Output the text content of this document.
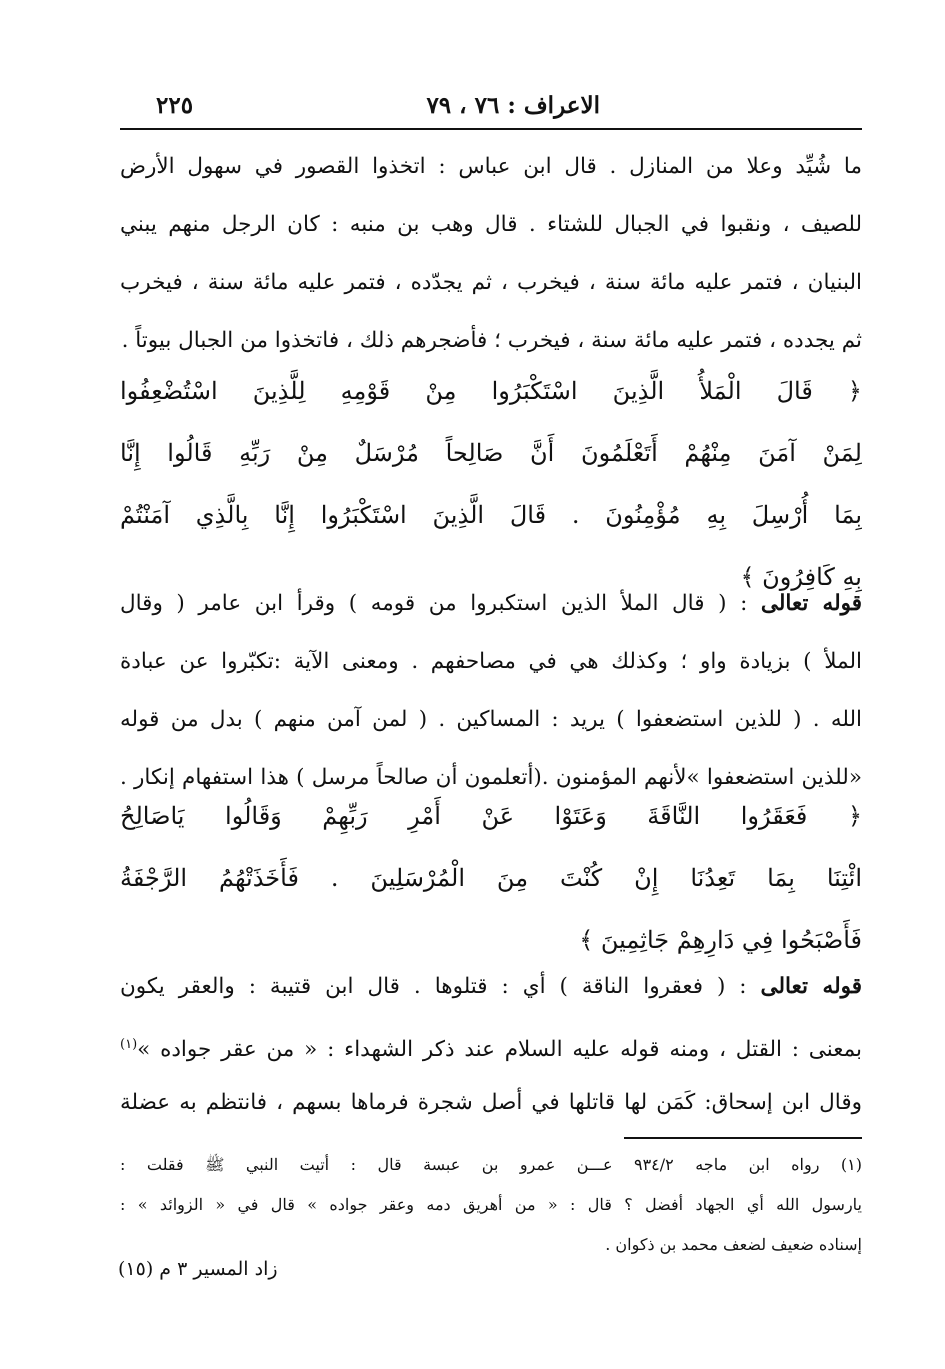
الاعراف : ٧٦ ، ٧٩
٢٢٥
ما شُيِّد وعلا من المنازل . قال ابن عباس : اتخذوا القصور في سهول الأرض
للصيف ، ونقبوا في الجبال للشتاء . قال وهب بن منبه : كان الرجل منهم يبني
البنيان ، فتمر عليه مائة سنة ، فيخرب ، ثم يجدّده ، فتمر عليه مائة سنة ، فيخرب
ثم يجدده ، فتمر عليه مائة سنة ، فيخرب ؛ فأضجرهم ذلك ، فاتخذوا من الجبال بيوتاً .
﴿ قَالَ الْمَلأُ الَّذِينَ اسْتَكْبَرُوا مِنْ قَوْمِهِ لِلَّذِينَ اسْتُضْعِفُوا
لِمَنْ آمَنَ مِنْهُمْ أَتَعْلَمُونَ أَنَّ صَالِحاً مُرْسَلٌ مِنْ رَبِّهِ قَالُوا إِنَّا
بِمَا أُرْسِلَ بِهِ مُؤْمِنُونَ . قَالَ الَّذِينَ اسْتَكْبَرُوا إِنَّا بِالَّذِي آمَنْتُمْ
بِهِ كَافِرُونَ ﴾
قوله تعالى : ( قال الملأ الذين استكبروا من قومه ) وقرأ ابن عامر ( وقال
الملأ ) بزيادة واو ؛ وكذلك هي في مصاحفهم . ومعنى الآية :تكبّروا عن عبادة
الله . ( للذين استضعفوا ) يريد : المساكين . ( لمن آمن منهم ) بدل من قوله
«للذين استضعفوا »لأنهم المؤمنون .(أتعلمون أن صالحاً مرسل ) هذا استفهام إنكار .
﴿ فَعَقَرُوا النَّاقَةَ وَعَتَوْا عَنْ أَمْرِ رَبِّهِمْ وَقَالُوا يَاصَالِحُ
ائْتِنَا بِمَا تَعِدُنَا إِنْ كُنْتَ مِنَ الْمُرْسَلِينَ . فَأَخَذَتْهُمُ الرَّجْفَةُ
فَأَصْبَحُوا فِي دَارِهِمْ جَاثِمِينَ ﴾
قوله تعالى : ( فعقروا الناقة ) أي : قتلوها . قال ابن قتيبة : والعقر يكون
بمعنى : القتل ، ومنه قوله عليه السلام عند ذكر الشهداء : « من عقر جواده »$^{(١)}$
وقال ابن إسحاق: كَمَن لها قاتلها في أصل شجرة فرماها بسهم ، فانتظم به عضلة
(١) رواه ابن ماجه ٩٣٤/٢ عـــن عمرو بن عبسة قال : أتيت النبي ﷺ فقلت :
يارسول الله أي الجهاد أفضل ؟ قال : « من أهريق دمه وعقر جواده » قال في « الزوائد » :
إسناده ضعيف لضعف محمد بن ذكوان .
زاد المسير ٣ م (١٥)
